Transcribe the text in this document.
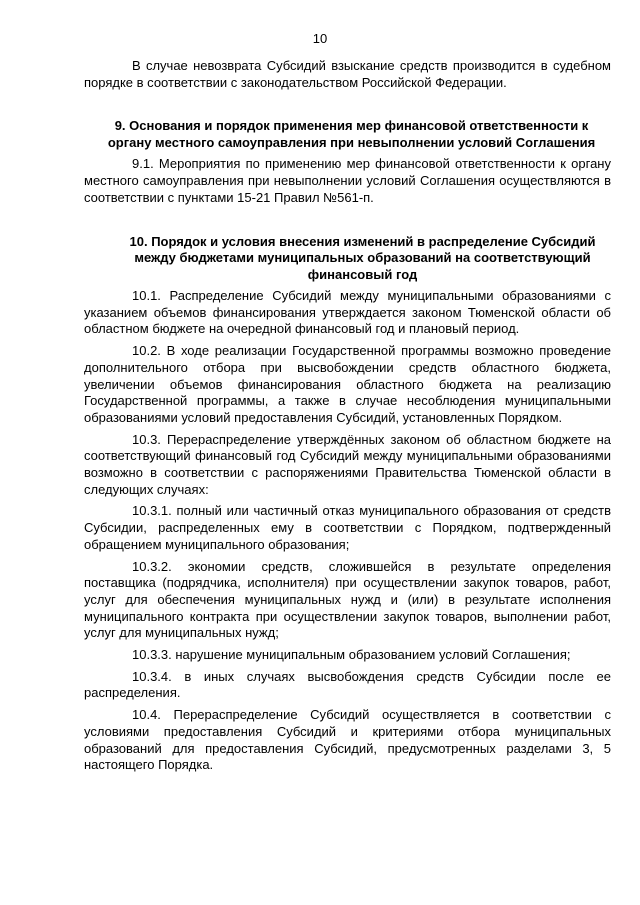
10

В случае невозврата Субсидий взыскание средств производится в судебном порядке в соответствии с законодательством Российской Федерации.

9. Основания и порядок применения мер финансовой ответственности к органу местного самоуправления при невыполнении условий Соглашения

9.1. Мероприятия по применению мер финансовой ответственности к органу местного самоуправления при невыполнении условий Соглашения осуществляются в соответствии с пунктами 15-21 Правил №561-п.

10. Порядок и условия внесения изменений в распределение Субсидий между бюджетами муниципальных образований на соответствующий финансовый год

10.1. Распределение Субсидий между муниципальными образованиями с указанием объемов финансирования утверждается законом Тюменской области об областном бюджете на очередной финансовый год и плановый период.

10.2. В ходе реализации Государственной программы возможно проведение дополнительного отбора при высвобождении средств областного бюджета, увеличении объемов финансирования областного бюджета на реализацию Государственной программы, а также в случае несоблюдения муниципальными образованиями условий предоставления Субсидий, установленных Порядком.

10.3. Перераспределение утверждённых законом об областном бюджете на соответствующий финансовый год Субсидий между муниципальными образованиями возможно в соответствии с распоряжениями Правительства Тюменской области в следующих случаях:

10.3.1. полный или частичный отказ муниципального образования от средств Субсидии, распределенных ему в соответствии с Порядком, подтвержденный обращением муниципального образования;

10.3.2. экономии средств, сложившейся в результате определения поставщика (подрядчика, исполнителя) при осуществлении закупок товаров, работ, услуг для обеспечения муниципальных нужд и (или) в результате исполнения муниципального контракта при осуществлении закупок товаров, выполнении работ, услуг для муниципальных нужд;

10.3.3. нарушение муниципальным образованием условий Соглашения;

10.3.4. в иных случаях высвобождения средств Субсидии после ее распределения.

10.4. Перераспределение Субсидий осуществляется в соответствии с условиями предоставления Субсидий и критериями отбора муниципальных образований для предоставления Субсидий, предусмотренных разделами 3, 5 настоящего Порядка.
